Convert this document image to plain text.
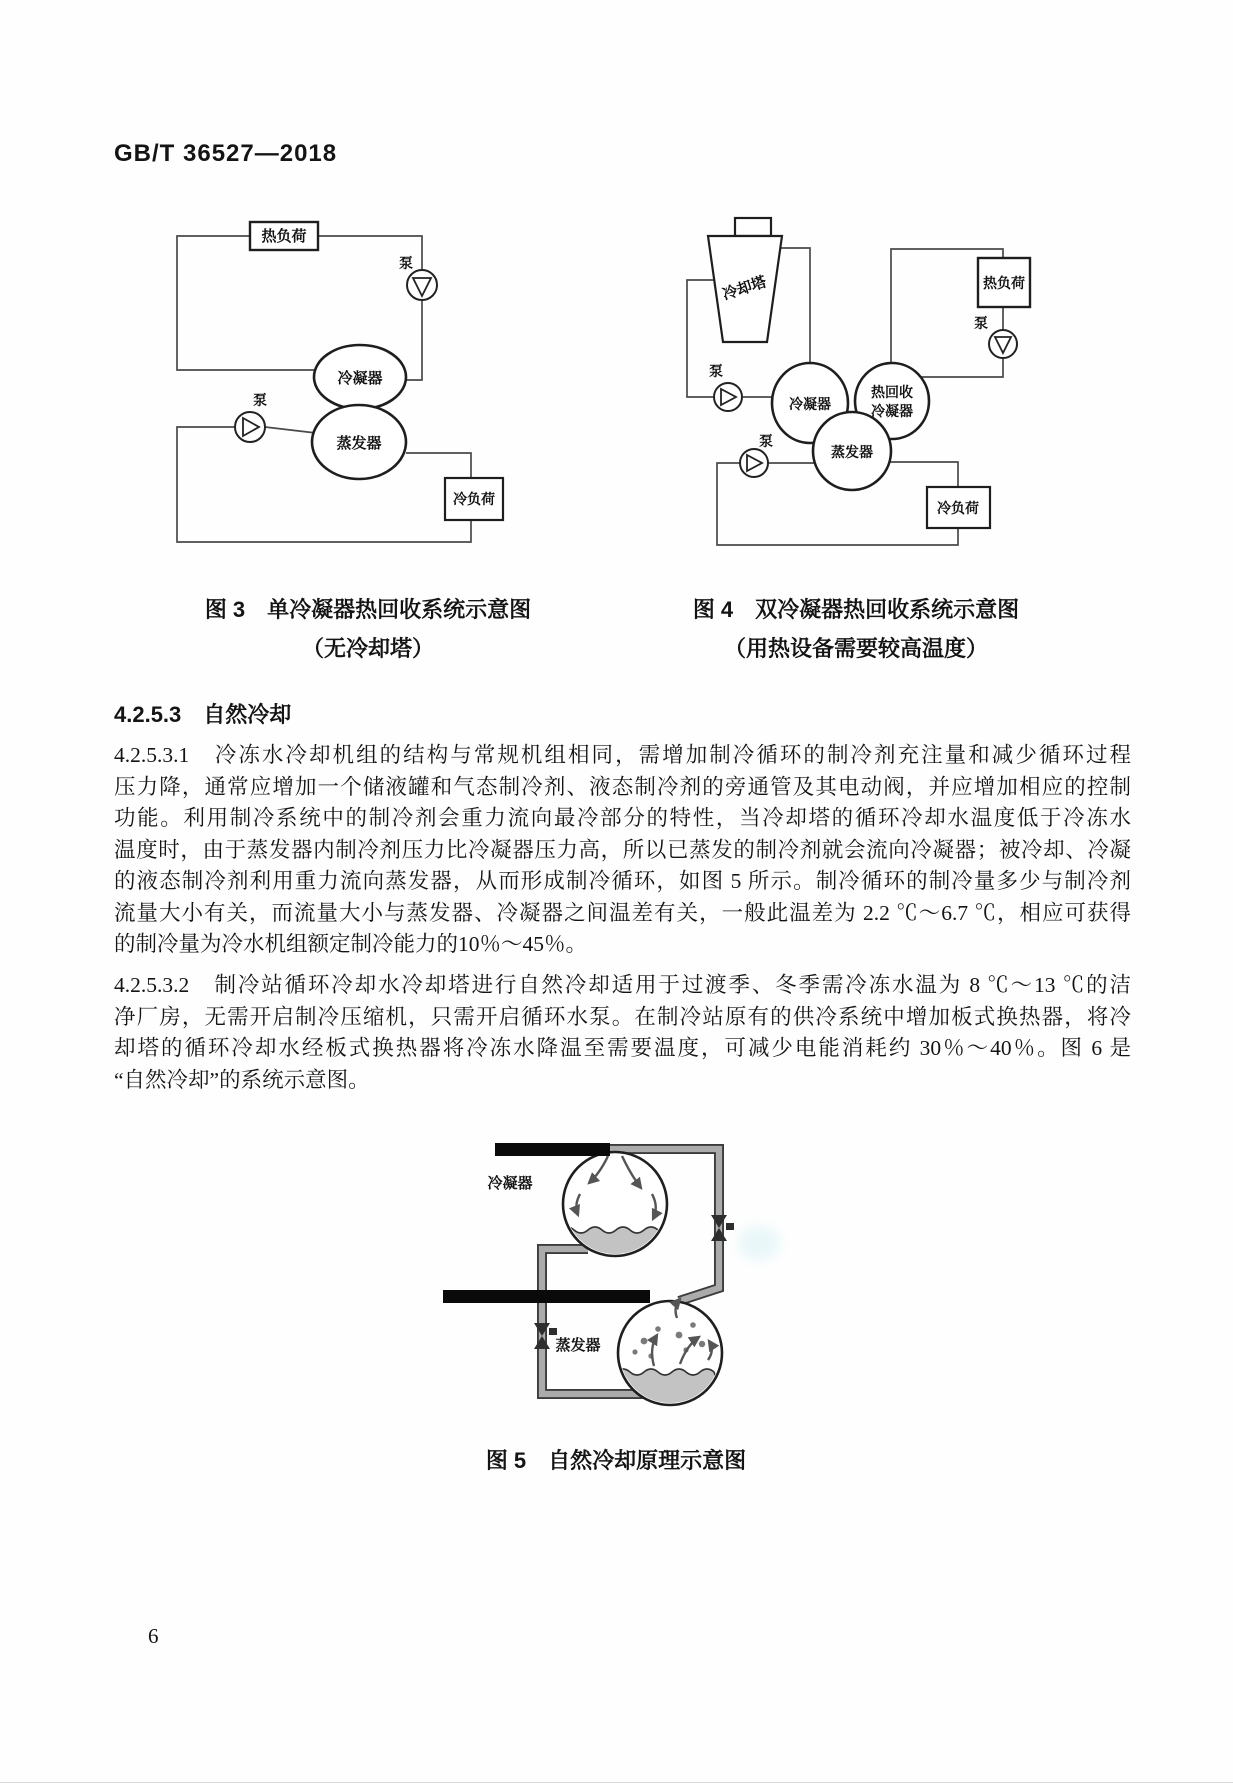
GB/T 36527—2018
热负荷
泵
冷凝器
蒸发器
泵
冷负荷
冷却塔
泵
冷凝器
热回收
冷凝器
蒸发器
热负荷
泵
泵
冷负荷
图 3　单冷凝器热回收系统示意图
（无冷却塔）
图 4　双冷凝器热回收系统示意图
（用热设备需要较高温度）
4.2.5.3　自然冷却
4.2.5.3.1　冷冻水冷却机组的结构与常规机组相同，需增加制冷循环的制冷剂充注量和减少循环过程
压力降，通常应增加一个储液罐和气态制冷剂、液态制冷剂的旁通管及其电动阀，并应增加相应的控制
功能。利用制冷系统中的制冷剂会重力流向最冷部分的特性，当冷却塔的循环冷却水温度低于冷冻水
温度时，由于蒸发器内制冷剂压力比冷凝器压力高，所以已蒸发的制冷剂就会流向冷凝器；被冷却、冷凝
的液态制冷剂利用重力流向蒸发器，从而形成制冷循环，如图 5 所示。制冷循环的制冷量多少与制冷剂
流量大小有关，而流量大小与蒸发器、冷凝器之间温差有关，一般此温差为 2.2 ℃～6.7 ℃，相应可获得
的制冷量为冷水机组额定制冷能力的10％～45％。
4.2.5.3.2　制冷站循环冷却水冷却塔进行自然冷却适用于过渡季、冬季需冷冻水温为 8 ℃～13 ℃的洁
净厂房，无需开启制冷压缩机，只需开启循环水泵。在制冷站原有的供冷系统中增加板式换热器，将冷
却塔的循环冷却水经板式换热器将冷冻水降温至需要温度，可减少电能消耗约 30％～40％。图 6 是
“自然冷却”的系统示意图。
冷凝器
蒸发器
图 5　自然冷却原理示意图
6
